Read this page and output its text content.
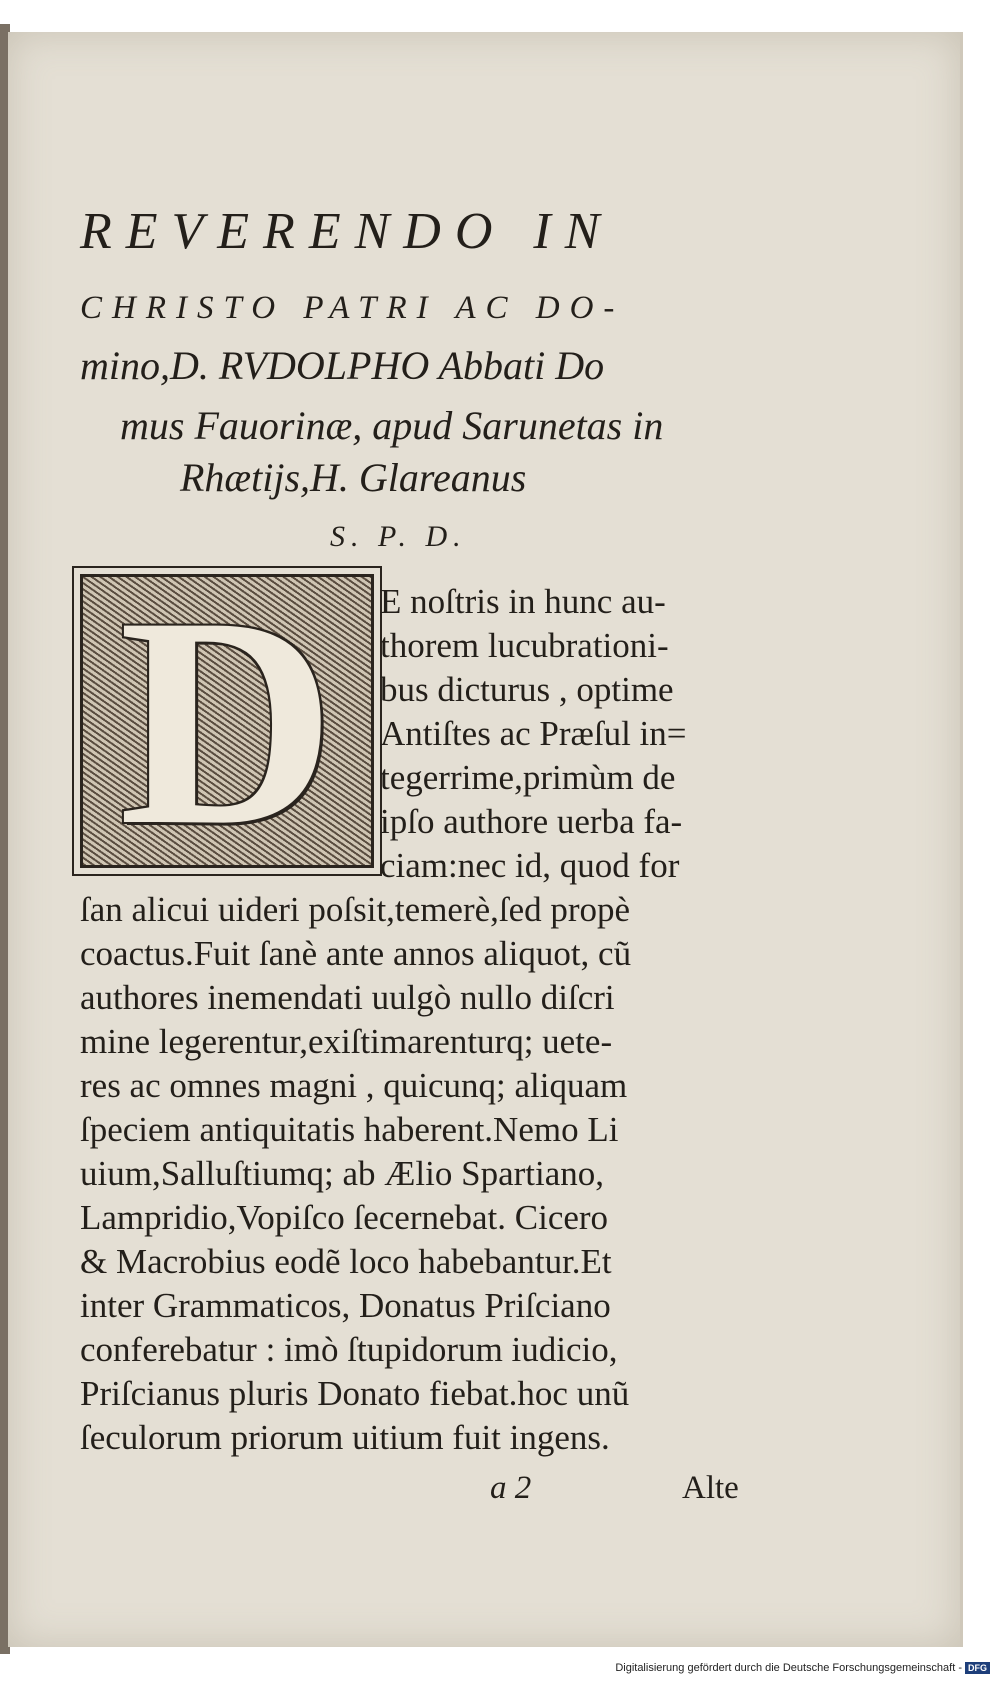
REVERENDO IN
CHRISTO PATRI AC DO-
mino,D. RVDOLPHO Abbati Do
mus Fauorinæ, apud Sarunetas in
Rhætijs,H. Glareanus
S. P. D.
D	E noſtris in hunc au-
thorem lucubrationi-
bus dicturus , optime
Antiſtes ac Præſul in=
tegerrime,primùm de
ipſo authore uerba fa-
ciam:nec id, quod for
ſan alicui uideri poſsit,temerè,ſed propè
coactus.Fuit ſanè ante annos aliquot, cũ
authores inemendati uulgò nullo diſcri
mine legerentur,exiſtimarenturq; uete-
res ac omnes magni , quicunq; aliquam
ſpeciem antiquitatis haberent.Nemo Li
uium,Salluſtiumq; ab Ælio Spartiano,
Lampridio,Vopiſco ſecernebat. Cicero
& Macrobius eodẽ loco habebantur.Et
inter Grammaticos, Donatus Priſciano
conferebatur : imò ſtupidorum iudicio,
Priſcianus pluris Donato fiebat.hoc unũ
ſeculorum priorum uitium fuit ingens.
a 2	Alte
Digitalisierung gefördert durch die Deutsche Forschungsgemeinschaft - DFG
